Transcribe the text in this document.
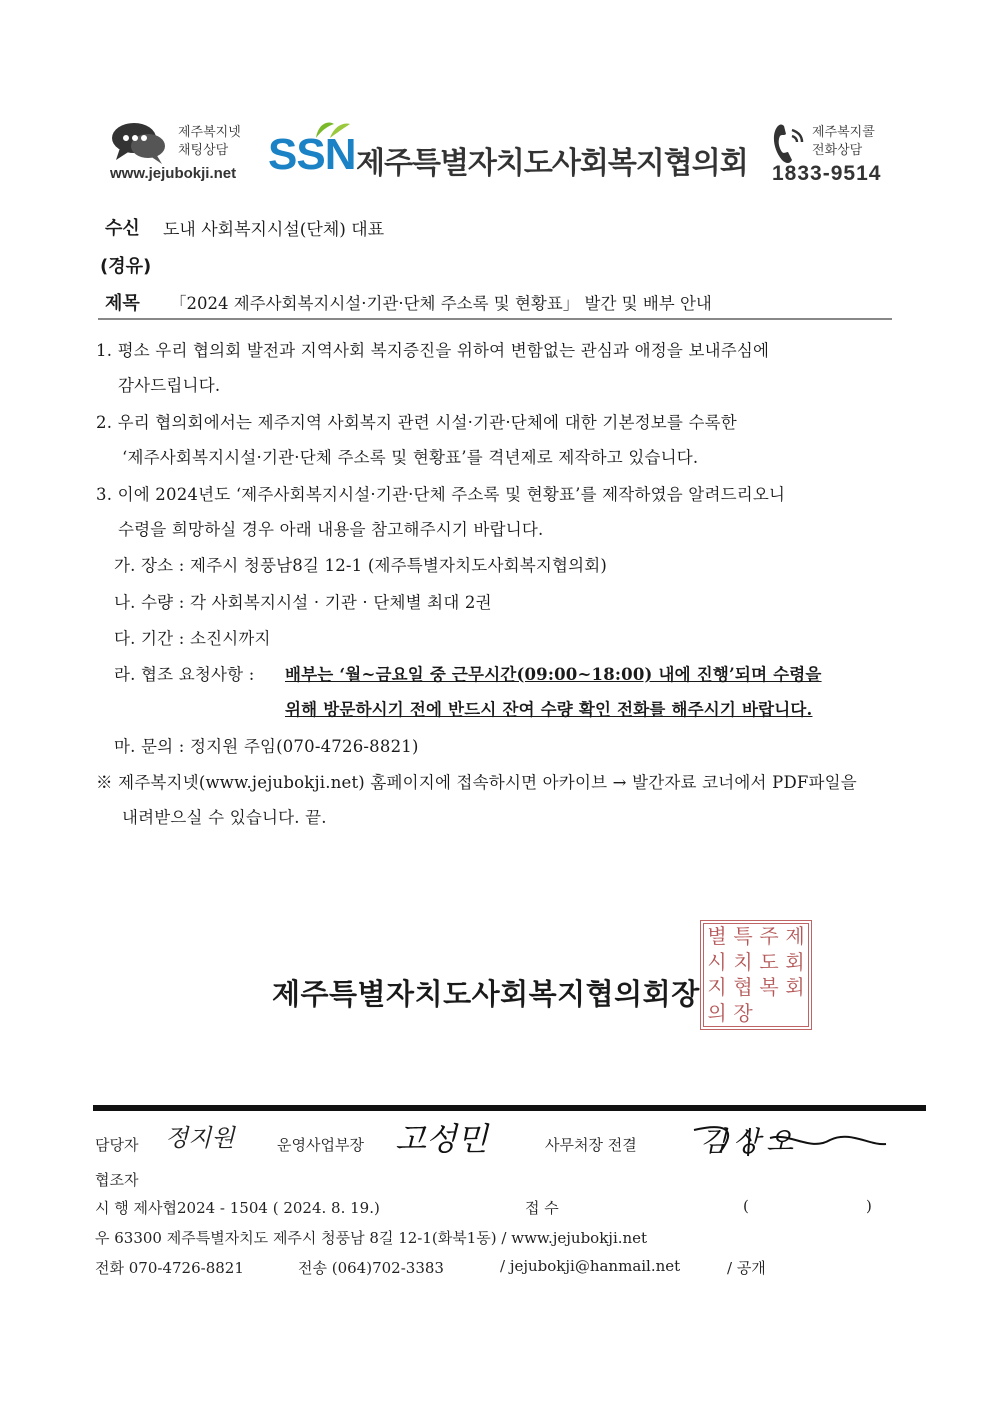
제주복지넷
채팅상담
www.jejubokji.net SSN 제주특별자치도사회복지협의회
제주복지콜
전화상담
1833-9514
수신 도내 사회복지시설(단체) 대표
(경유)
제목 「2024 제주사회복지시설·기관·단체 주소록 및 현황표」 발간 및 배부 안내
1. 평소 우리 협의회 발전과 지역사회 복지증진을 위하여 변함없는 관심과 애정을 보내주심에
감사드립니다.
2. 우리 협의회에서는 제주지역 사회복지 관련 시설·기관·단체에 대한 기본정보를 수록한
‘제주사회복지시설·기관·단체 주소록 및 현황표’를 격년제로 제작하고 있습니다.
3. 이에 2024년도 ‘제주사회복지시설·기관·단체 주소록 및 현황표’를 제작하였음 알려드리오니
수령을 희망하실 경우 아래 내용을 참고해주시기 바랍니다.
가. 장소 : 제주시 청풍남8길 12-1 (제주특별자치도사회복지협의회)
나. 수량 : 각 사회복지시설 · 기관 · 단체별 최대 2권
다. 기간 : 소진시까지
라. 협조 요청사항 : 배부는 ‘월~금요일 중 근무시간(09:00~18:00) 내에 진행’되며 수령을
위해 방문하시기 전에 반드시 잔여 수량 확인 전화를 해주시기 바랍니다.
마. 문의 : 정지원 주임(070-4726-8821)
※ 제주복지넷(www.jejubokji.net) 홈페이지에 접속하시면 아카이브 → 발간자료 코너에서 PDF파일을
내려받으실 수 있습니다. 끝.
제주특별자치도사회복지협의회장
별 특 주 제
시 치 도 회
지 협 복 회
의 장
담당자 정지원	운영사업부장 고성민	사무처장 전결 김상오
협조자
시 행 제사협2024 - 1504 ( 2024. 8. 19.)	접 수	(	)
우 63300 제주특별자치도 제주시 청풍남 8길 12-1(화북1동) / www.jejubokji.net
전화 070-4726-8821	전송 (064)702-3383	/ jejubokji@hanmail.net	/ 공개
